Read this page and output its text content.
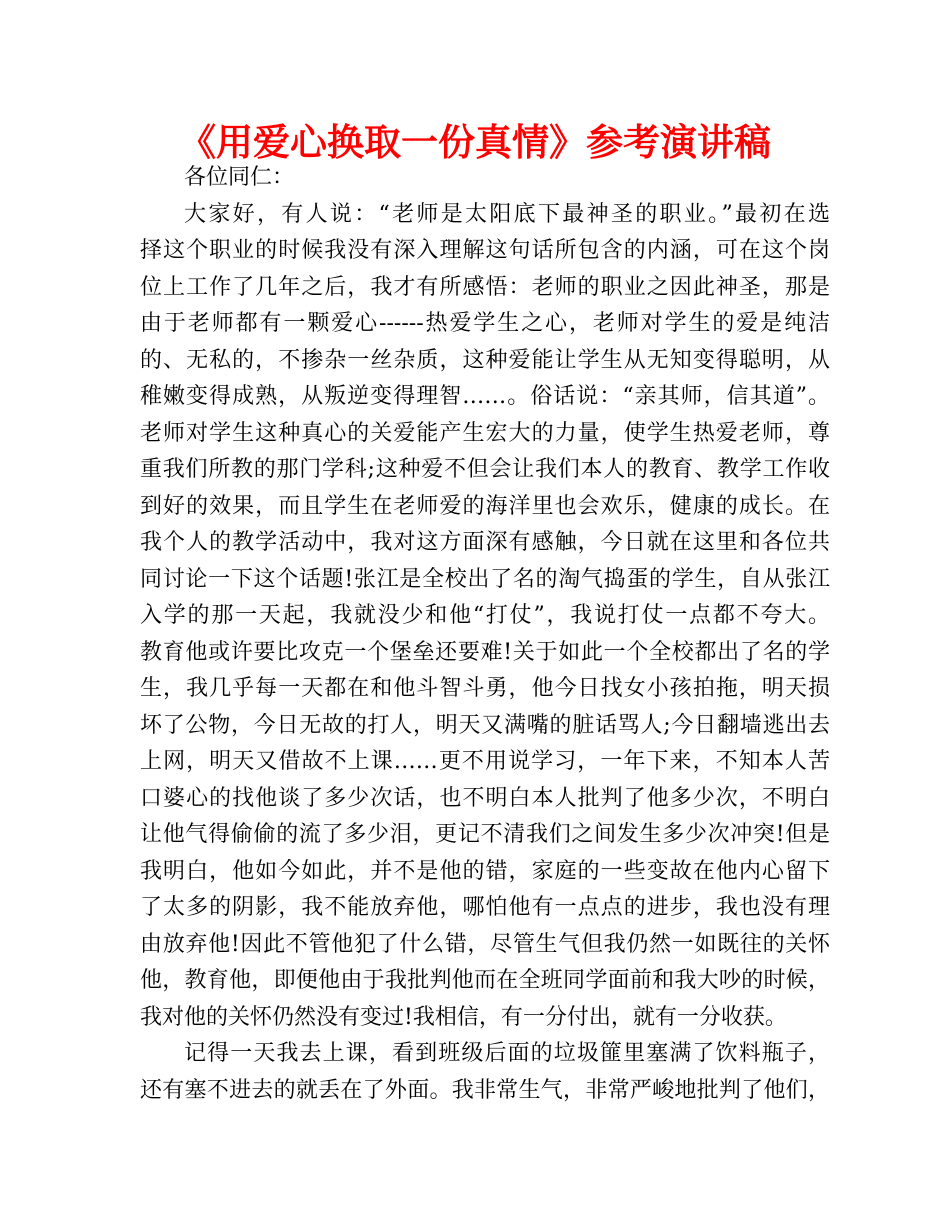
《用爱心换取一份真情》参考演讲稿
各位同仁：
大家好，有人说：“老师是太阳底下最神圣的职业。”最初在选
择这个职业的时候我没有深入理解这句话所包含的内涵，可在这个岗
位上工作了几年之后，我才有所感悟：老师的职业之因此神圣，那是
由于老师都有一颗爱心------热爱学生之心，老师对学生的爱是纯洁
的、无私的，不掺杂一丝杂质，这种爱能让学生从无知变得聪明，从
稚嫩变得成熟，从叛逆变得理智……。俗话说：“亲其师，信其道”。
老师对学生这种真心的关爱能产生宏大的力量，使学生热爱老师，尊
重我们所教的那门学科;这种爱不但会让我们本人的教育、教学工作收
到好的效果，而且学生在老师爱的海洋里也会欢乐，健康的成长。在
我个人的教学活动中，我对这方面深有感触，今日就在这里和各位共
同讨论一下这个话题!张江是全校出了名的淘气捣蛋的学生，自从张江
入学的那一天起，我就没少和他“打仗”，我说打仗一点都不夸大。
教育他或许要比攻克一个堡垒还要难!关于如此一个全校都出了名的学
生，我几乎每一天都在和他斗智斗勇，他今日找女小孩拍拖，明天损
坏了公物，今日无故的打人，明天又满嘴的脏话骂人;今日翻墙逃出去
上网，明天又借故不上课……更不用说学习，一年下来，不知本人苦
口婆心的找他谈了多少次话，也不明白本人批判了他多少次，不明白
让他气得偷偷的流了多少泪，更记不清我们之间发生多少次冲突!但是
我明白，他如今如此，并不是他的错，家庭的一些变故在他内心留下
了太多的阴影，我不能放弃他，哪怕他有一点点的进步，我也没有理
由放弃他!因此不管他犯了什么错，尽管生气但我仍然一如既往的关怀
他，教育他，即便他由于我批判他而在全班同学面前和我大吵的时候，
我对他的关怀仍然没有变过!我相信，有一分付出，就有一分收获。
记得一天我去上课，看到班级后面的垃圾篚里塞满了饮料瓶子，
还有塞不进去的就丢在了外面。我非常生气，非常严峻地批判了他们，
